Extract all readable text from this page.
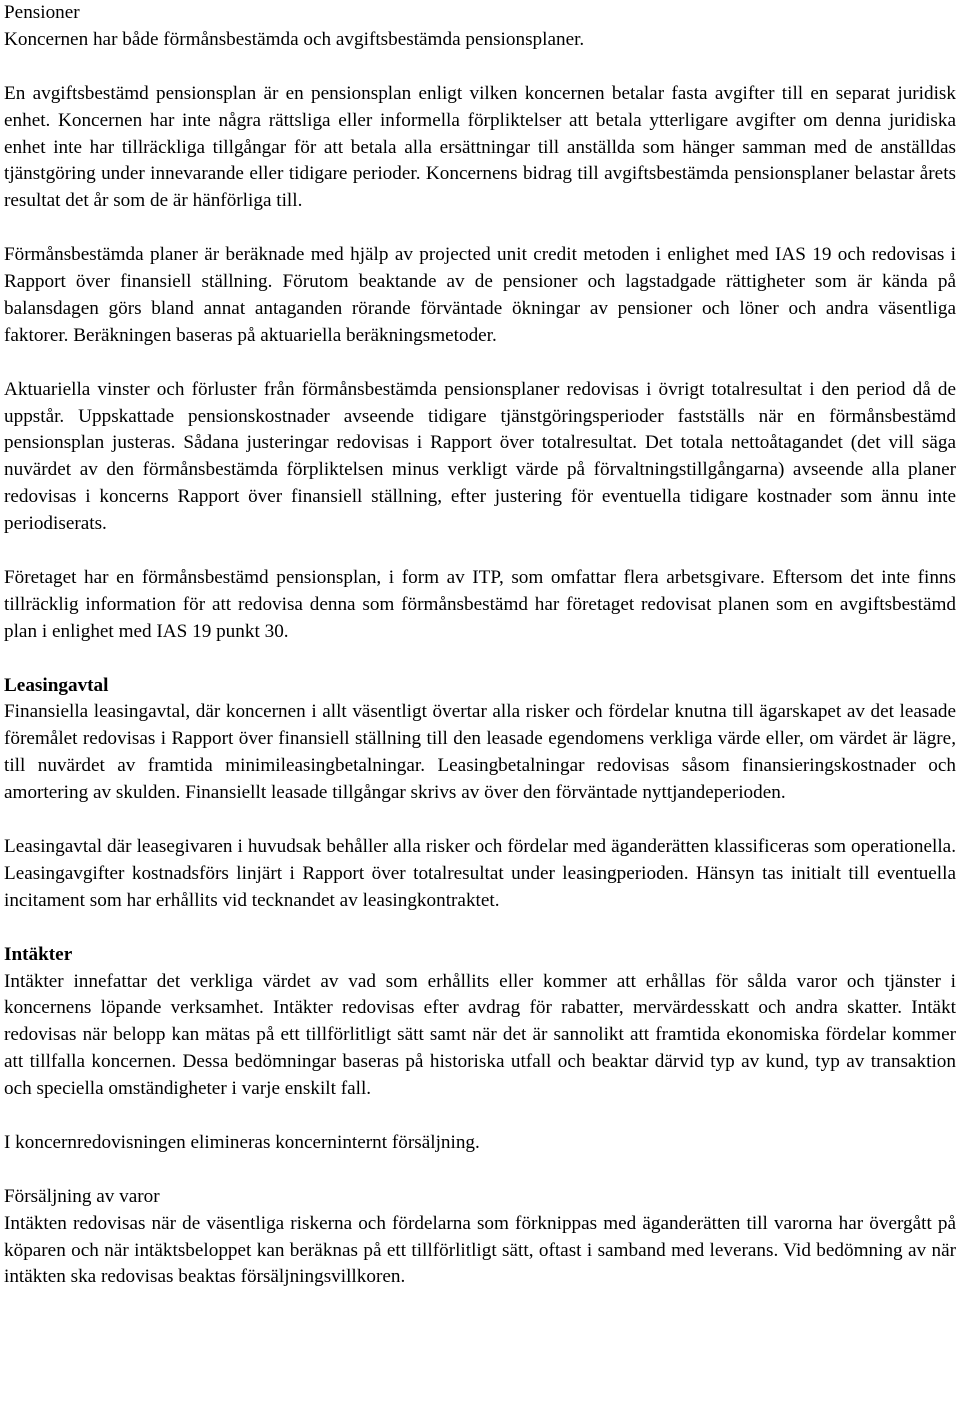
Pensioner

Koncernen har både förmånsbestämda och avgiftsbestämda pensionsplaner.

En avgiftsbestämd pensionsplan är en pensionsplan enligt vilken koncernen betalar fasta avgifter till en separat juridisk enhet. Koncernen har inte några rättsliga eller informella förpliktelser att betala ytterligare avgifter om denna juridiska enhet inte har tillräckliga tillgångar för att betala alla ersättningar till anställda som hänger samman med de anställdas tjänstgöring under innevarande eller tidigare perioder. Koncernens bidrag till avgiftsbestämda pensionsplaner belastar årets resultat det år som de är hänförliga till.

Förmånsbestämda planer är beräknade med hjälp av projected unit credit metoden i enlighet med IAS 19 och redovisas i Rapport över finansiell ställning. Förutom beaktande av de pensioner och lagstadgade rättigheter som är kända på balansdagen görs bland annat antaganden rörande förväntade ökningar av pensioner och löner och andra väsentliga faktorer. Beräkningen baseras på aktuariella beräkningsmetoder.

Aktuariella vinster och förluster från förmånsbestämda pensionsplaner redovisas i övrigt totalresultat i den period då de uppstår. Uppskattade pensionskostnader avseende tidigare tjänstgöringsperioder fastställs när en förmånsbestämd pensionsplan justeras. Sådana justeringar redovisas i Rapport över totalresultat. Det totala nettoåtagandet (det vill säga nuvärdet av den förmånsbestämda förpliktelsen minus verkligt värde på förvaltningstillgångarna) avseende alla planer redovisas i koncerns Rapport över finansiell ställning, efter justering för eventuella tidigare kostnader som ännu inte periodiserats.

Företaget har en förmånsbestämd pensionsplan, i form av ITP, som omfattar flera arbetsgivare. Eftersom det inte finns tillräcklig information för att redovisa denna som förmånsbestämd har företaget redovisat planen som en avgiftsbestämd plan i enlighet med IAS 19 punkt 30.

Leasingavtal

Finansiella leasingavtal, där koncernen i allt väsentligt övertar alla risker och fördelar knutna till ägarskapet av det leasade föremålet redovisas i Rapport över finansiell ställning till den leasade egendomens verkliga värde eller, om värdet är lägre, till nuvärdet av framtida minimileasingbetalningar. Leasingbetalningar redovisas såsom finansieringskostnader och amortering av skulden. Finansiellt leasade tillgångar skrivs av över den förväntade nyttjandeperioden.

Leasingavtal där leasegivaren i huvudsak behåller alla risker och fördelar med äganderätten klassificeras som operationella. Leasingavgifter kostnadsförs linjärt i Rapport över totalresultat under leasingperioden. Hänsyn tas initialt till eventuella incitament som har erhållits vid tecknandet av leasingkontraktet.

Intäkter

Intäkter innefattar det verkliga värdet av vad som erhållits eller kommer att erhållas för sålda varor och tjänster i koncernens löpande verksamhet. Intäkter redovisas efter avdrag för rabatter, mervärdesskatt och andra skatter. Intäkt redovisas när belopp kan mätas på ett tillförlitligt sätt samt när det är sannolikt att framtida ekonomiska fördelar kommer att tillfalla koncernen. Dessa bedömningar baseras på historiska utfall och beaktar därvid typ av kund, typ av transaktion och speciella omständigheter i varje enskilt fall.

I koncernredovisningen elimineras koncerninternt försäljning.

Försäljning av varor

Intäkten redovisas när de väsentliga riskerna och fördelarna som förknippas med äganderätten till varorna har övergått på köparen och när intäktsbeloppet kan beräknas på ett tillförlitligt sätt, oftast i samband med leverans. Vid bedömning av när intäkten ska redovisas beaktas försäljningsvillkoren.
